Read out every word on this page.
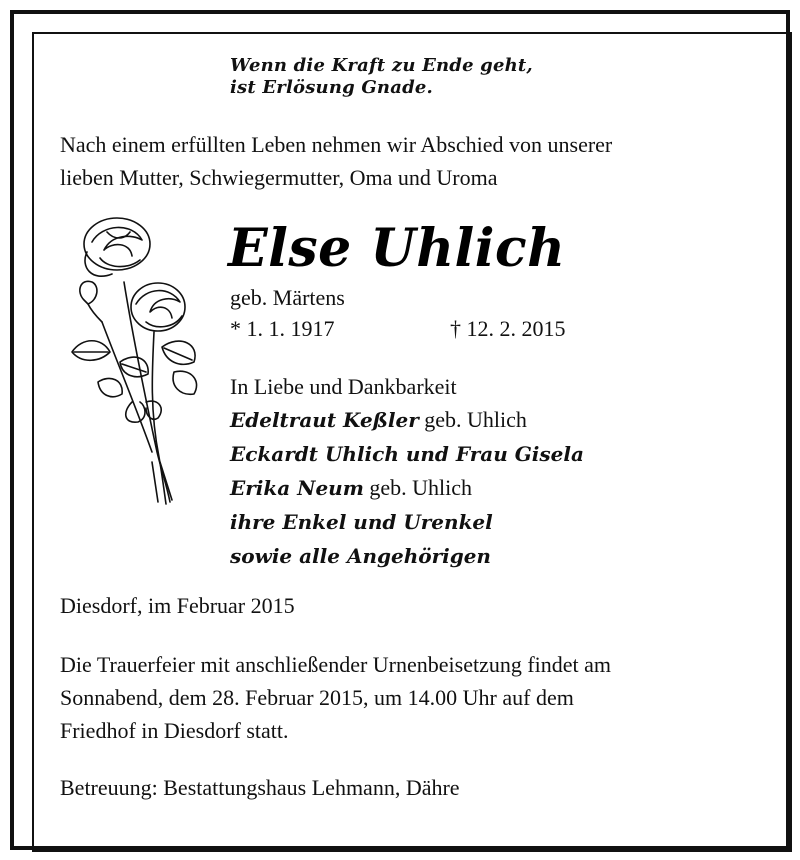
Wenn die Kraft zu Ende geht,
ist Erlösung Gnade.
Nach einem erfüllten Leben nehmen wir Abschied von unserer
lieben Mutter, Schwiegermutter, Oma und Uroma
Else Uhlich
geb. Märtens
* 1. 1. 1917	† 12. 2. 2015
In Liebe und Dankbarkeit
Edeltraut Keßler geb. Uhlich
Eckardt Uhlich und Frau Gisela
Erika Neum geb. Uhlich
ihre Enkel und Urenkel
sowie alle Angehörigen
Diesdorf, im Februar 2015
Die Trauerfeier mit anschließender Urnenbeisetzung findet am
Sonnabend, dem 28. Februar 2015, um 14.00 Uhr auf dem
Friedhof in Diesdorf statt.
Betreuung: Bestattungshaus Lehmann, Dähre
